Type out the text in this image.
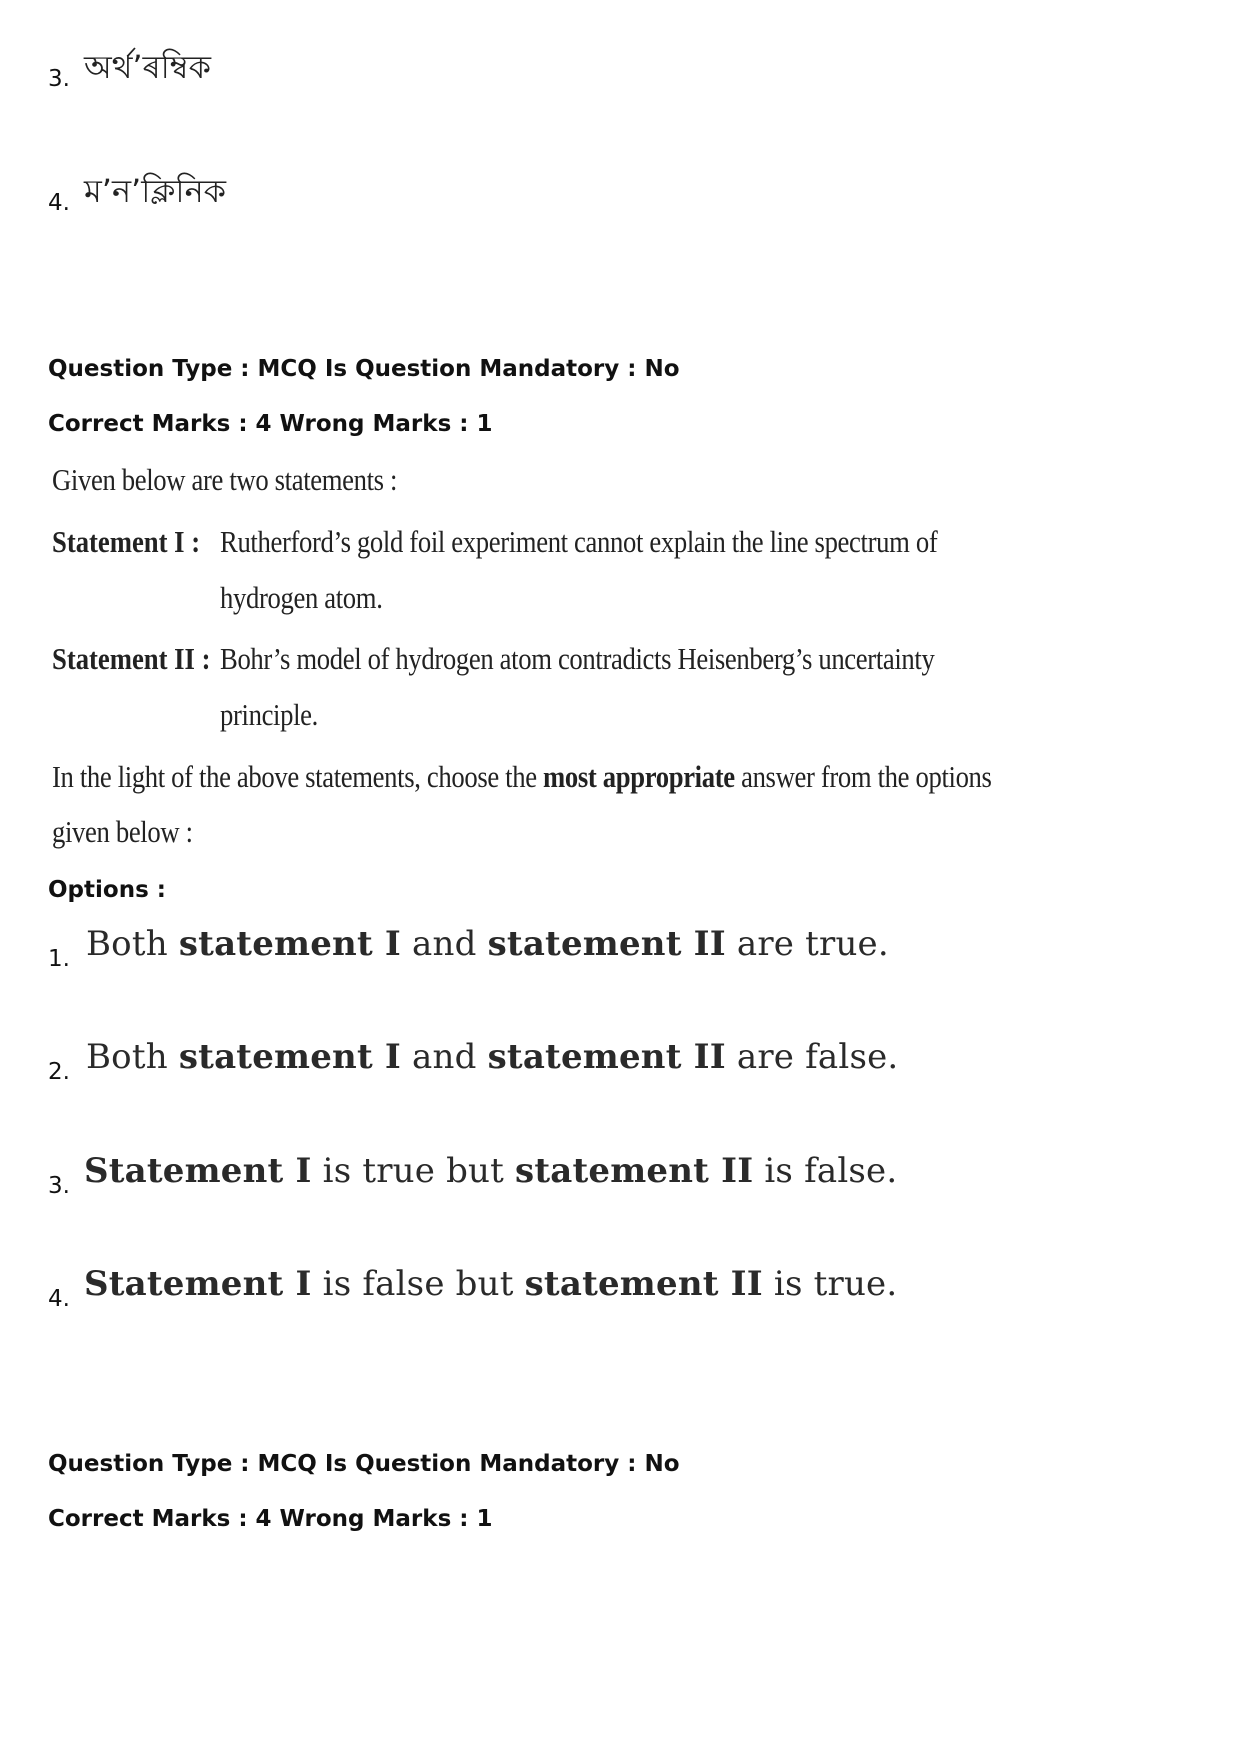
3. অৰ্থ’ৰম্বিক
4. ম’ন’ক্লিনিক
Question Type : MCQ Is Question Mandatory : No
Correct Marks : 4 Wrong Marks : 1
Given below are two statements :
Statement I : Rutherford’s gold foil experiment cannot explain the line spectrum of
hydrogen atom.
Statement II : Bohr’s model of hydrogen atom contradicts Heisenberg’s uncertainty
principle.
In the light of the above statements, choose the most appropriate answer from the options
given below :
Options :
1. Both statement I and statement II are true.
2. Both statement I and statement II are false.
3. Statement I is true but statement II is false.
4. Statement I is false but statement II is true.
Question Type : MCQ Is Question Mandatory : No
Correct Marks : 4 Wrong Marks : 1
